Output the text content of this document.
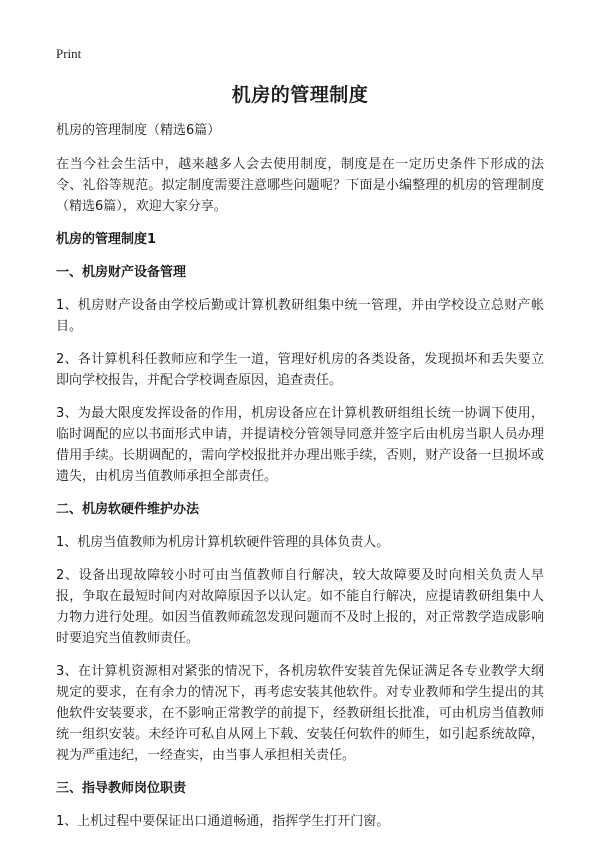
Print
机房的管理制度

机房的管理制度（精选6篇）

在当今社会生活中，越来越多人会去使用制度，制度是在一定历史条件下形成的法令、礼俗等规范。拟定制度需要注意哪些问题呢？下面是小编整理的机房的管理制度（精选6篇），欢迎大家分享。

机房的管理制度1
一、机房财产设备管理

1、机房财产设备由学校后勤或计算机教研组集中统一管理，并由学校设立总财产帐目。

2、各计算机科任教师应和学生一道，管理好机房的各类设备，发现损坏和丢失要立即向学校报告，并配合学校调查原因，追查责任。

3、为最大限度发挥设备的作用，机房设备应在计算机教研组组长统一协调下使用，临时调配的应以书面形式申请，并提请校分管领导同意并签字后由机房当职人员办理借用手续。长期调配的，需向学校报批并办理出账手续，否则，财产设备一旦损坏或遗失，由机房当值教师承担全部责任。

二、机房软硬件维护办法

1、机房当值教师为机房计算机软硬件管理的具体负责人。

2、设备出现故障较小时可由当值教师自行解决，较大故障要及时向相关负责人早报，争取在最短时间内对故障原因予以认定。如不能自行解决，应提请教研组集中人力物力进行处理。如因当值教师疏忽发现问题而不及时上报的，对正常教学造成影响时要追究当值教师责任。

3、在计算机资源相对紧张的情况下，各机房软件安装首先保证满足各专业教学大纲规定的要求，在有余力的情况下，再考虑安装其他软件。对专业教师和学生提出的其他软件安装要求，在不影响正常教学的前提下，经教研组长批准，可由机房当值教师统一组织安装。未经许可私自从网上下载、安装任何软件的师生，如引起系统故障，视为严重违纪，一经查实，由当事人承担相关责任。

三、指导教师岗位职责

1、上机过程中要保证出口通道畅通，指挥学生打开门窗。
